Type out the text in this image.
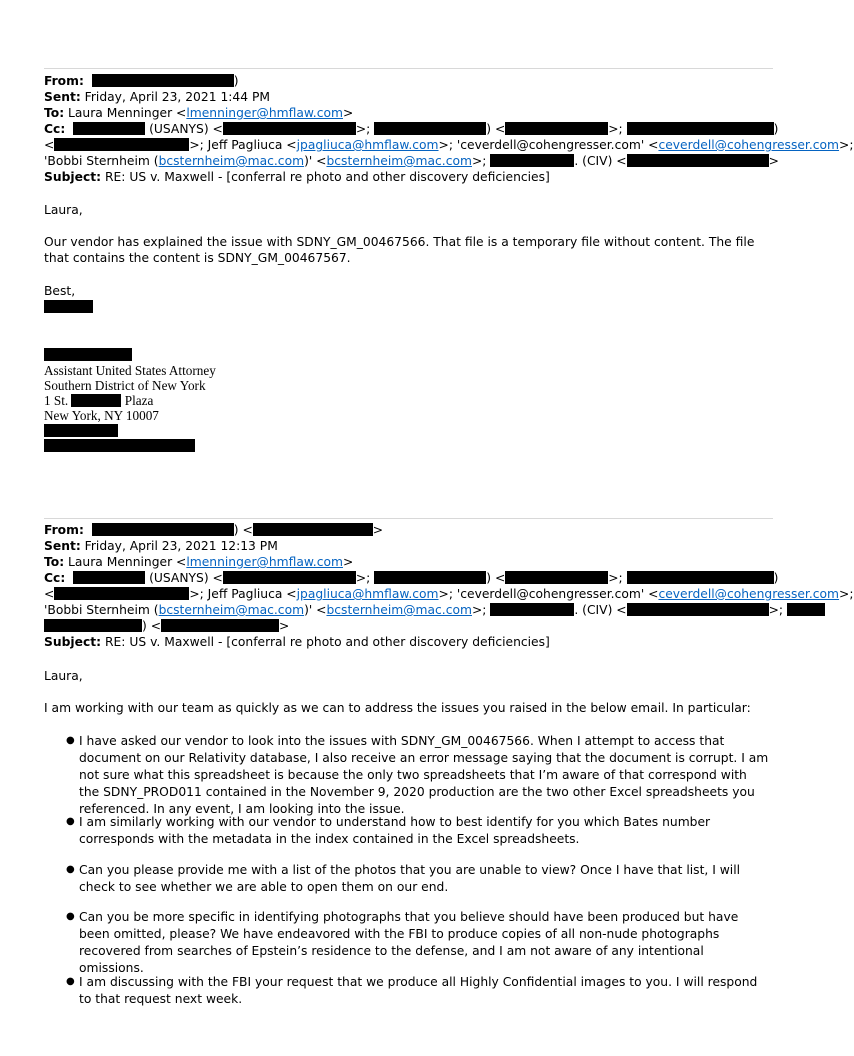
From:	)
Sent: Friday, April 23, 2021 1:44 PM
To: Laura Menninger <lmenninger@hmflaw.com>
Cc:	(USANYS) <	>;	) <	>;	)
<	>; Jeff Pagliuca <jpagliuca@hmflaw.com>; 'ceverdell@cohengresser.com' <ceverdell@cohengresser.com>;
'Bobbi Sternheim (bcsternheim@mac.com)' <bcsternheim@mac.com>;	. (CIV) <	>
Subject: RE: US v. Maxwell - [conferral re photo and other discovery deficiencies]
Laura,
Our vendor has explained the issue with SDNY_GM_00467566. That file is a temporary file without content. The file that contains the content is SDNY_GM_00467567.
Best,
Assistant United States Attorney
Southern District of New York
1 St.	Plaza
New York, NY 10007
From:	) <	>
Sent: Friday, April 23, 2021 12:13 PM
To: Laura Menninger <lmenninger@hmflaw.com>
Cc:	(USANYS) <	>;	) <	>;	)
<	>; Jeff Pagliuca <jpagliuca@hmflaw.com>; 'ceverdell@cohengresser.com' <ceverdell@cohengresser.com>;
'Bobbi Sternheim (bcsternheim@mac.com)' <bcsternheim@mac.com>;	. (CIV) <	>;
) <	>
Subject: RE: US v. Maxwell - [conferral re photo and other discovery deficiencies]
Laura,
I am working with our team as quickly as we can to address the issues you raised in the below email. In particular:
● I have asked our vendor to look into the issues with SDNY_GM_00467566. When I attempt to access that document on our Relativity database, I also receive an error message saying that the document is corrupt. I am not sure what this spreadsheet is because the only two spreadsheets that I’m aware of that correspond with the SDNY_PROD011 contained in the November 9, 2020 production are the two other Excel spreadsheets you referenced. In any event, I am looking into the issue.
● I am similarly working with our vendor to understand how to best identify for you which Bates number corresponds with the metadata in the index contained in the Excel spreadsheets.
● Can you please provide me with a list of the photos that you are unable to view? Once I have that list, I will check to see whether we are able to open them on our end.
● Can you be more specific in identifying photographs that you believe should have been produced but have been omitted, please? We have endeavored with the FBI to produce copies of all non-nude photographs recovered from searches of Epstein’s residence to the defense, and I am not aware of any intentional omissions.
● I am discussing with the FBI your request that we produce all Highly Confidential images to you. I will respond to that request next week.
